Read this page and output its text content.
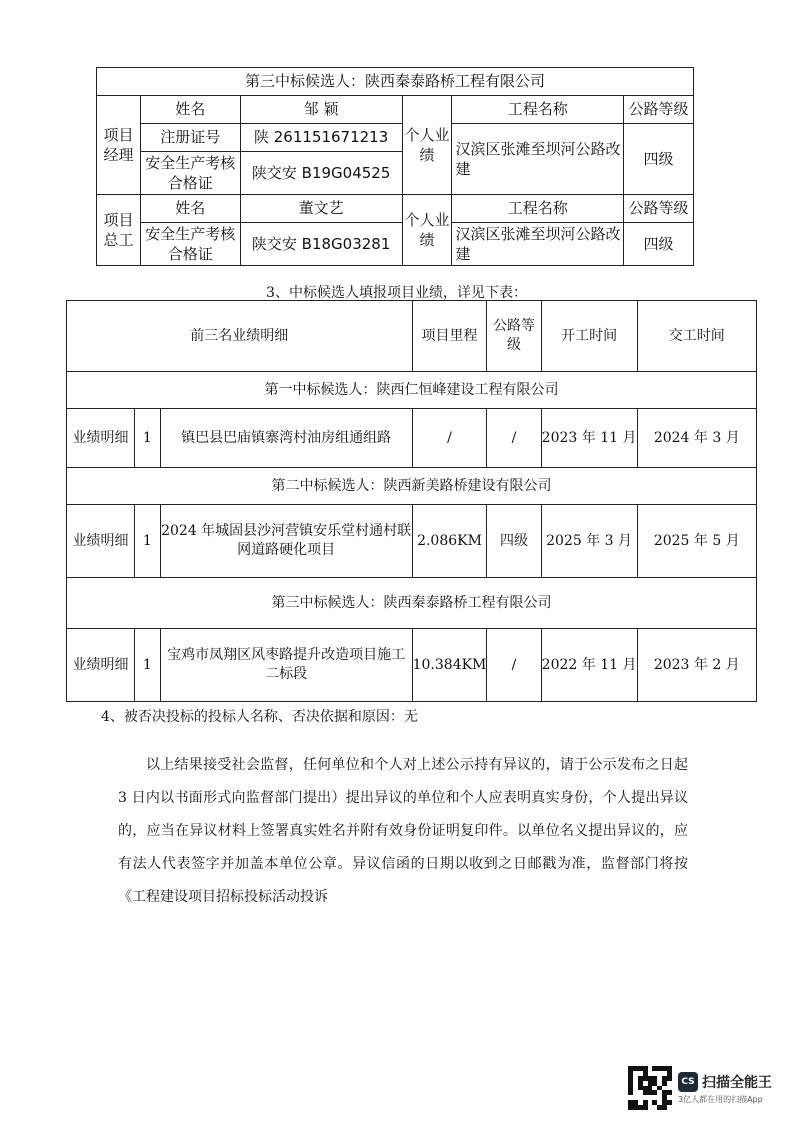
第三中标候选人：陕西秦泰路桥工程有限公司					
项目经理	姓名	邹 颖	个人业绩	工程名称	公路等级
	注册证号	陕 261151671213		汉滨区张滩至坝河公路改建	四级
	安全生产考核合格证	陕交安 B19G04525			
项目总工	姓名	董文艺	个人业绩	工程名称	公路等级
	安全生产考核合格证	陕交安 B18G03281		汉滨区张滩至坝河公路改建	四级
3、中标候选人填报项目业绩，详见下表：
前三名业绩明细			项目里程	公路等级	开工时间	交工时间
第一中标候选人：陕西仁恒峰建设工程有限公司						
业绩明细	1	镇巴县巴庙镇寨湾村油房组通组路	/	/	2023 年 11 月	2024 年 3 月
第二中标候选人：陕西新美路桥建设有限公司						
业绩明细	1	2024 年城固县沙河营镇安乐堂村通村联网道路硬化项目	2.086KM	四级	2025 年 3 月	2025 年 5 月
第三中标候选人：陕西秦泰路桥工程有限公司						
业绩明细	1	宝鸡市凤翔区风枣路提升改造项目施工二标段	10.384KM	/	2022 年 11 月	2023 年 2 月
4、被否决投标的投标人名称、否决依据和原因：无

以上结果接受社会监督，任何单位和个人对上述公示持有异议的，请于公示发布之日起 3 日内以书面形式向监督部门提出）提出异议的单位和个人应表明真实身份，个人提出异议的，应当在异议材料上签署真实姓名并附有效身份证明复印件。以单位名义提出异议的，应有法人代表签字并加盖本单位公章。异议信函的日期以收到之日邮戳为准，监督部门将按《工程建设项目招标投标活动投诉

CS 扫描全能王
3亿人都在用的扫描App
